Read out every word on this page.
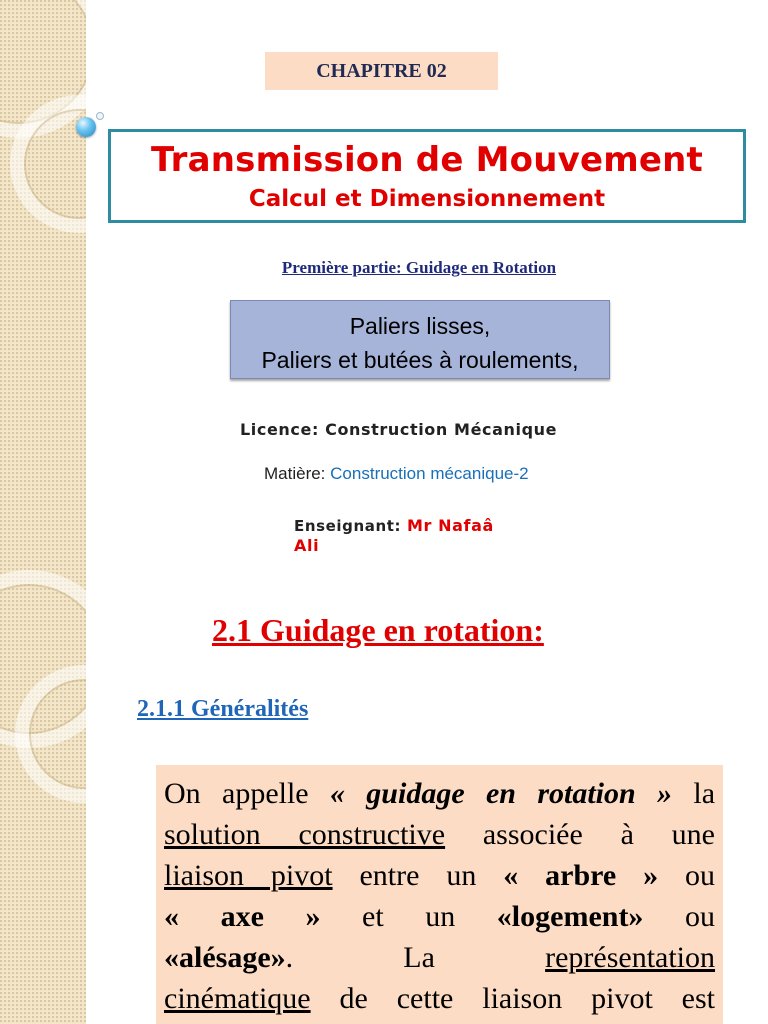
CHAPITRE 02
Transmission de Mouvement
Calcul et Dimensionnement
Première partie: Guidage en Rotation
Paliers lisses,
Paliers et butées à roulements,
Licence: Construction Mécanique
Matière: Construction mécanique-2
Enseignant: Mr Nafaâ
Ali
2.1 Guidage en rotation:
2.1.1 Généralités
On appelle « guidage en rotation » la
solution constructive associée à une
liaison pivot entre un « arbre » ou
« axe » et un «logement» ou
«alésage». La	représentation
cinématique de cette liaison pivot est
